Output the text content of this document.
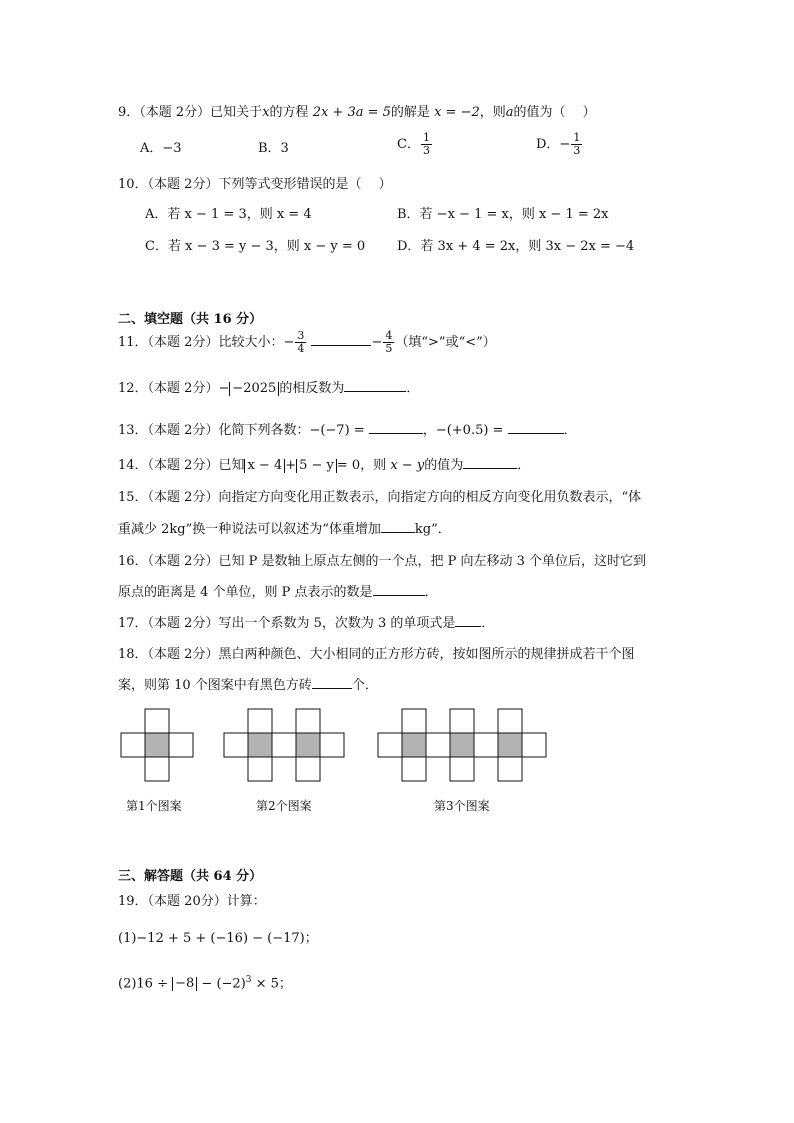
9．（本题 2分）已知关于x的方程 2x + 3a = 5的解是 x = −2，则a的值为（　 ）
A．−3	B．3	C． $\frac{1}{3}$	D．− $\frac{1}{3}$
10．（本题 2分）下列等式变形错误的是（　 ）
A．若 x − 1 = 3，则 x = 4	B．若 −x − 1 = x，则 x − 1 = 2x
C．若 x − 3 = y − 3，则 x − y = 0 D．若 3x + 4 = 2x，则 3x − 2x = −4
二、填空题（共 16 分）
11．（本题 2分）比较大小：− $\frac{3}{4}$	− $\frac{4}{5}$ （填“>”或“<”）
12．（本题 2分）− −2025 的相反数为	．
13．（本题 2分）化简下列各数：−(−7) =	，−(+0.5) =	．
14．（本题 2分）已知 x − 4 + 5 − y = 0，则 x − y的值为	．
15．（本题 2分）向指定方向变化用正数表示，向指定方向的相反方向变化用负数表示，“体
重减少 2kg”换一种说法可以叙述为“体重增加	kg”．
16．（本题 2分）已知 P 是数轴上原点左侧的一个点，把 P 向左移动 3 个单位后，这时它到
原点的距离是 4 个单位，则 P 点表示的数是	．
17．（本题 2分）写出一个系数为 5，次数为 3 的单项式是 ．
18．（本题 2分）黑白两种颜色、大小相同的正方形方砖，按如图所示的规律拼成若干个图
案，则第 10 个图案中有黑色方砖	个．
第1个图案	第2个图案	第3个图案
三、解答题（共 64 分）
19．（本题 20分）计算：
(1)−12 + 5 + (−16) − (−17)；
$(2)16 \div -8 - (-2)^3 \times 5$；
